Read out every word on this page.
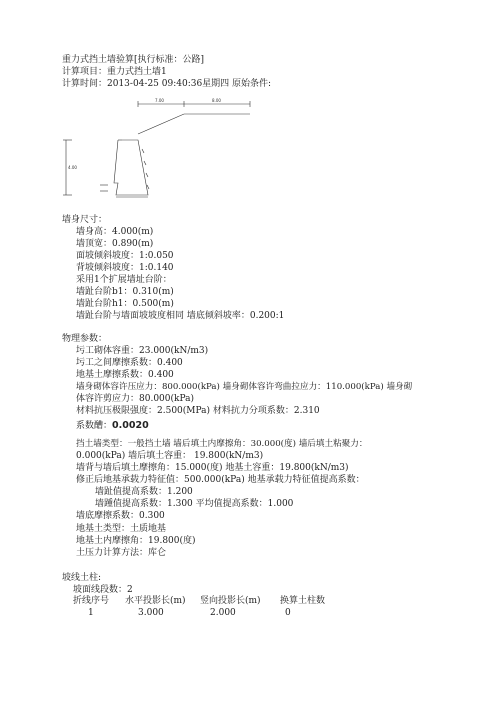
重力式挡土墙验算[执行标准：公路]
计算项目：重力式挡土墙1
计算时间：2013-04-25 09:40:36星期四 原始条件:
7.00	8.00
4.00
墙身尺寸：
墙身高：4.000(m)
墙顶宽：0.890(m)
面坡倾斜坡度：1:0.050
背坡倾斜坡度：1:0.140
采用1个扩展墙址台阶：
墙趾台阶b1：0.310(m)
墙趾台阶h1：0.500(m)
墙趾台阶与墙面坡坡度相同 墙底倾斜坡率：0.200:1
物理参数：
圬工砌体容重：23.000(kN/m3)
圬工之间摩擦系数：0.400
地基土摩擦系数：0.400
墙身砌体容许压应力：800.000(kPa) 墙身砌体容许弯曲拉应力：110.000(kPa) 墙身砌
体容许剪应力：80.000(kPa)
材料抗压极限强度：2.500(MPa) 材料抗力分项系数：2.310
系数醩：0.0020
挡土墙类型：一般挡土墙 墙后填土内摩擦角：30.000(度) 墙后填土粘聚力：
0.000(kPa) 墙后填土容重： 19.800(kN/m3)
墙背与墙后填土摩擦角：15.000(度) 地基土容重：19.800(kN/m3)
修正后地基承载力特征值：500.000(kPa) 地基承载力特征值提高系数：
墙趾值提高系数：1.200
墙踵值提高系数：1.300 平均值提高系数：1.000
墙底摩擦系数：0.300
地基土类型：土质地基
地基土内摩擦角：19.800(度)
土压力计算方法：库仑
坡线土柱:
坡面线段数：2
折线序号 水平投影长(m) 竖向投影长(m) 换算土柱数
1	3.000	2.000	0
